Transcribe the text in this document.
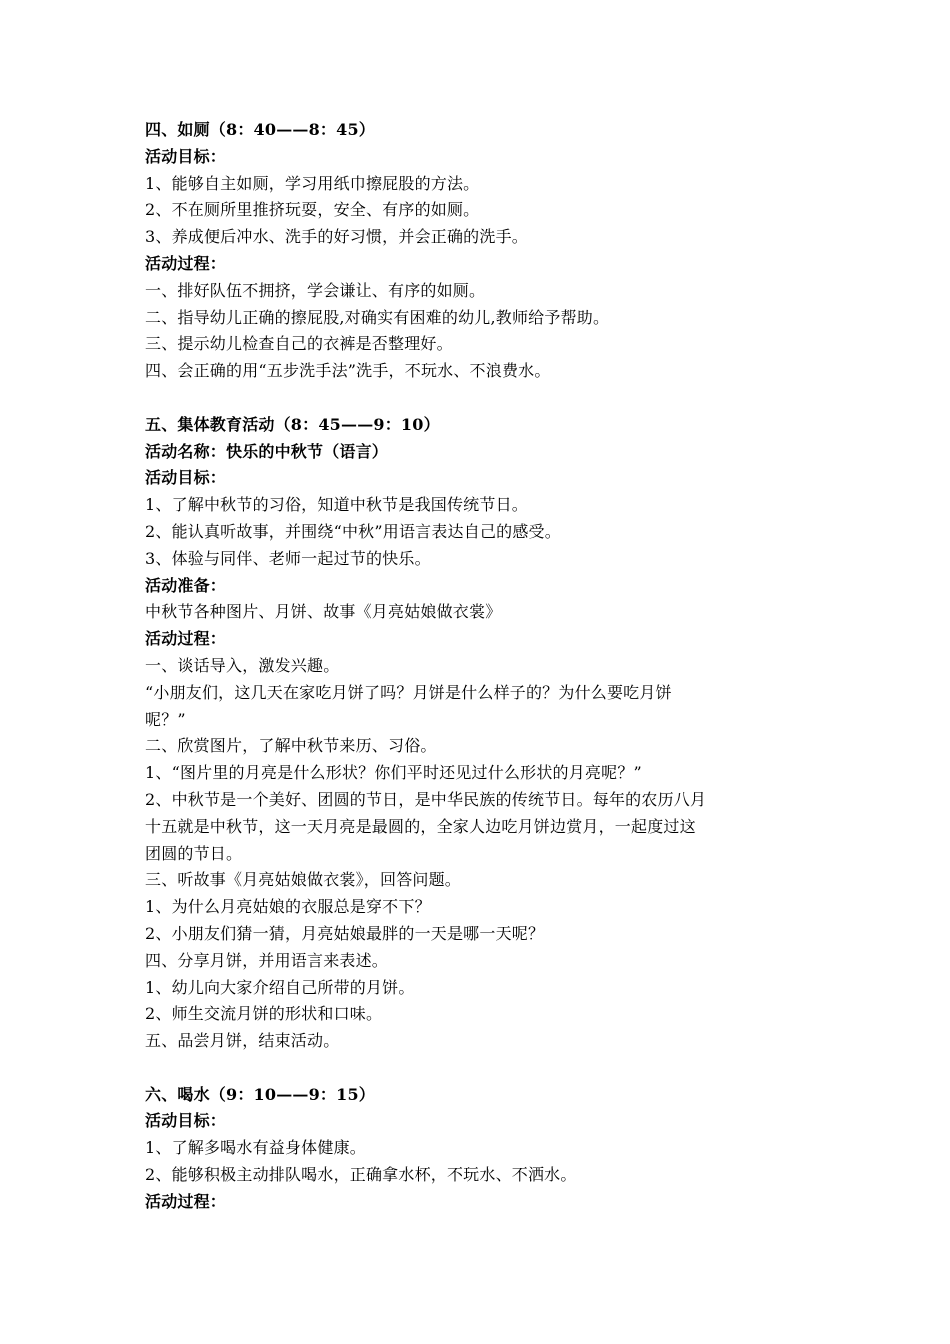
四、如厕（8：40——8：45）
活动目标：
1、能够自主如厕，学习用纸巾擦屁股的方法。
2、不在厕所里推挤玩耍，安全、有序的如厕。
3、养成便后冲水、洗手的好习惯，并会正确的洗手。
活动过程：
一、排好队伍不拥挤，学会谦让、有序的如厕。
二、指导幼儿正确的擦屁股,对确实有困难的幼儿,教师给予帮助。
三、提示幼儿检查自己的衣裤是否整理好。
四、会正确的用“五步洗手法”洗手，不玩水、不浪费水。
五、集体教育活动（8：45——9：10）
活动名称：快乐的中秋节（语言）
活动目标：
1、了解中秋节的习俗，知道中秋节是我国传统节日。
2、能认真听故事，并围绕“中秋”用语言表达自己的感受。
3、体验与同伴、老师一起过节的快乐。
活动准备：
中秋节各种图片、月饼、故事《月亮姑娘做衣裳》
活动过程：
一、谈话导入，激发兴趣。
“小朋友们，这几天在家吃月饼了吗？月饼是什么样子的？为什么要吃月饼
呢？”
二、欣赏图片，了解中秋节来历、习俗。
1、“图片里的月亮是什么形状？你们平时还见过什么形状的月亮呢？”
2、中秋节是一个美好、团圆的节日，是中华民族的传统节日。每年的农历八月
十五就是中秋节，这一天月亮是最圆的，全家人边吃月饼边赏月，一起度过这
团圆的节日。
三、听故事《月亮姑娘做衣裳》，回答问题。
1、为什么月亮姑娘的衣服总是穿不下？
2、小朋友们猜一猜，月亮姑娘最胖的一天是哪一天呢？
四、分享月饼，并用语言来表述。
1、幼儿向大家介绍自己所带的月饼。
2、师生交流月饼的形状和口味。
五、品尝月饼，结束活动。
六、喝水（9：10——9：15）
活动目标：
1、了解多喝水有益身体健康。
2、能够积极主动排队喝水，正确拿水杯，不玩水、不洒水。
活动过程：
